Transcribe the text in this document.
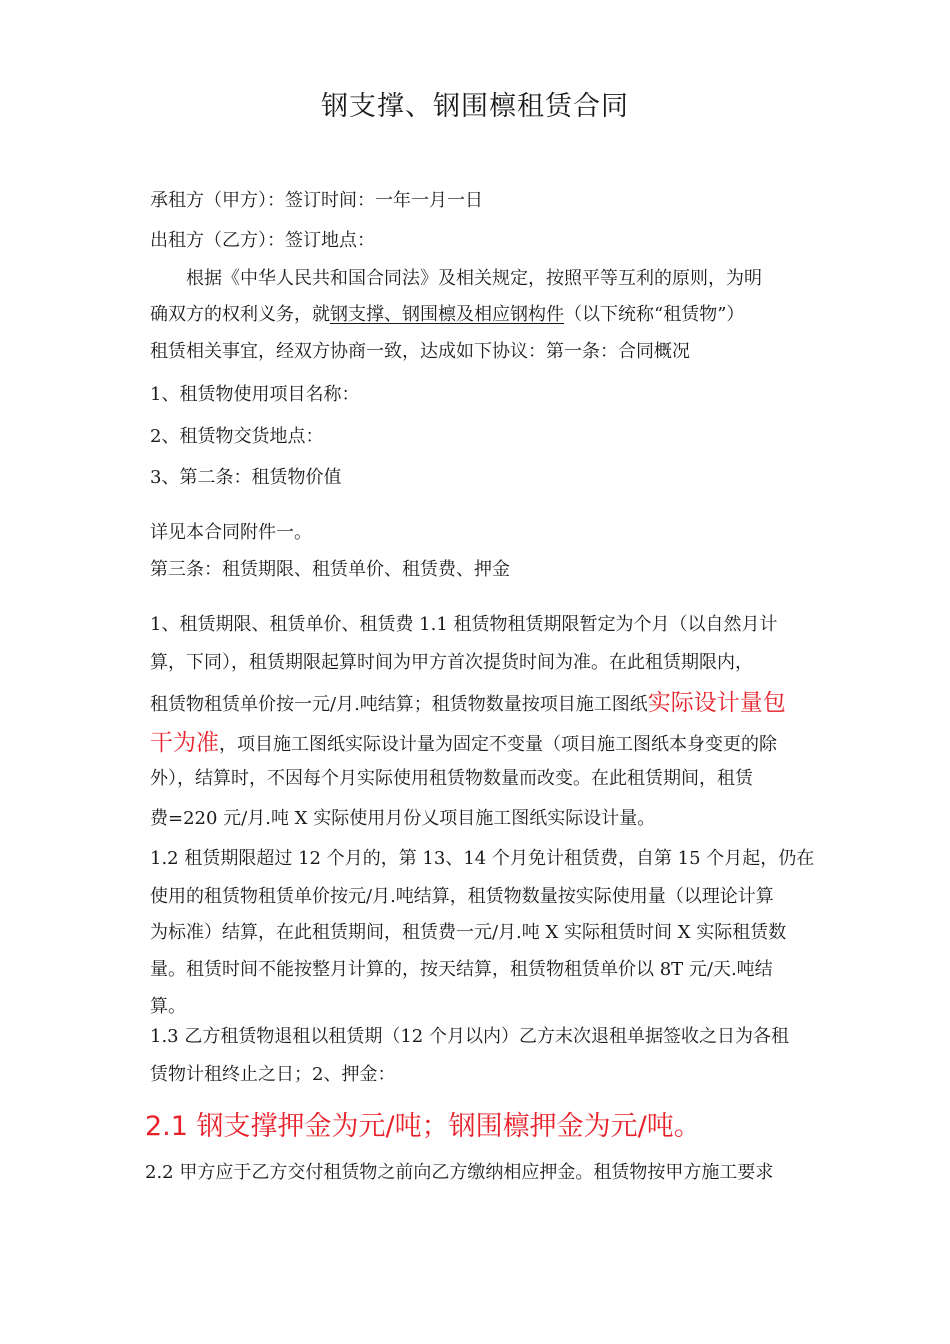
钢支撑、钢围檩租赁合同
承租方（甲方）：签订时间：一年一月一日
出租方（乙方）：签订地点：
根据《中华人民共和国合同法》及相关规定，按照平等互利的原则，为明
确双方的权利义务，就钢支撑、钢围檩及相应钢构件（以下统称“租赁物”）
租赁相关事宜，经双方协商一致，达成如下协议：第一条：合同概况
1、租赁物使用项目名称：
2、租赁物交货地点：
3、第二条：租赁物价值
详见本合同附件一。
第三条：租赁期限、租赁单价、租赁费、押金
1、租赁期限、租赁单价、租赁费 1.1 租赁物租赁期限暂定为个月（以自然月计
算，下同），租赁期限起算时间为甲方首次提货时间为准。在此租赁期限内，
租赁物租赁单价按一元/月.吨结算；租赁物数量按项目施工图纸实际设计量包
干为准，项目施工图纸实际设计量为固定不变量（项目施工图纸本身变更的除
外），结算时，不因每个月实际使用租赁物数量而改变。在此租赁期间，租赁
费=220 元/月.吨 X 实际使用月份乂项目施工图纸实际设计量。
1.2 租赁期限超过 12 个月的，第 13、14 个月免计租赁费，自第 15 个月起，仍在
使用的租赁物租赁单价按元/月.吨结算，租赁物数量按实际使用量（以理论计算
为标准）结算，在此租赁期间，租赁费一元/月.吨 X 实际租赁时间 X 实际租赁数
量。租赁时间不能按整月计算的，按天结算，租赁物租赁单价以 8T 元/天.吨结
算。
1.3 乙方租赁物退租以租赁期（12 个月以内）乙方末次退租单据签收之日为各租
赁物计租终止之日；2、押金：
2.1 钢支撑押金为元/吨；钢围檩押金为元/吨。
2.2 甲方应于乙方交付租赁物之前向乙方缴纳相应押金。租赁物按甲方施工要求
